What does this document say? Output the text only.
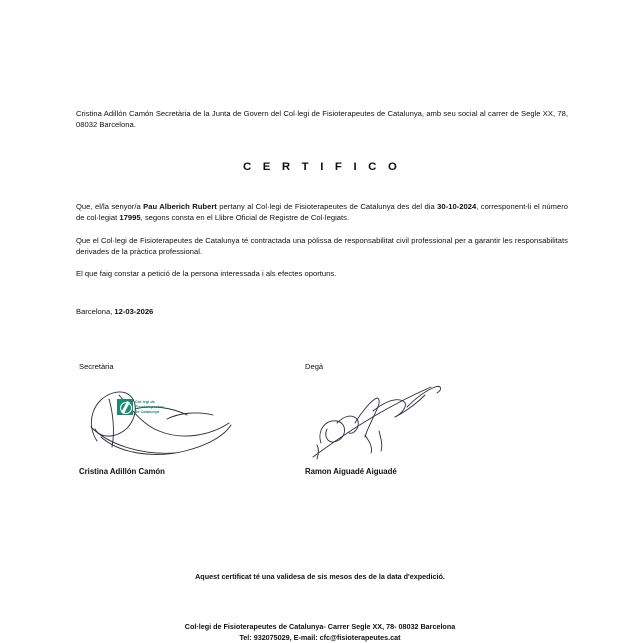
Cristina Adillón Camón Secretària de la Junta de Govern del Col·legi de Fisioterapeutes de Catalunya, amb seu social al carrer de Segle XX, 78, 08032 Barcelona.

C E R T I F I C O

Que, el/la senyor/a Pau Alberich Rubert pertany al Col·legi de Fisioterapeutes de Catalunya des del dia 30-10-2024, corresponent-li el número de col·legiat 17995, segons consta en el Llibre Oficial de Registre de Col·legiats.

Que el Col·legi de Fisioterapeutes de Catalunya té contractada una pòlissa de responsabilitat civil professional per a garantir les responsabilitats derivades de la pràctica professional.

El que faig constar a petició de la persona interessada i als efectes oportuns.

Barcelona, 12-03-2026
Secretària
Col·legi de
Fisioterapeutes
de Catalunya
Cristina Adillón Camón
Degà
Ramon Aiguadé Aiguadé
Aquest certificat té una validesa de sis mesos des de la data d'expedició.
Col·legi de Fisioterapeutes de Catalunya- Carrer Segle XX, 78- 08032 Barcelona
Tel: 932075029, E-mail: cfc@fisioterapeutes.cat
